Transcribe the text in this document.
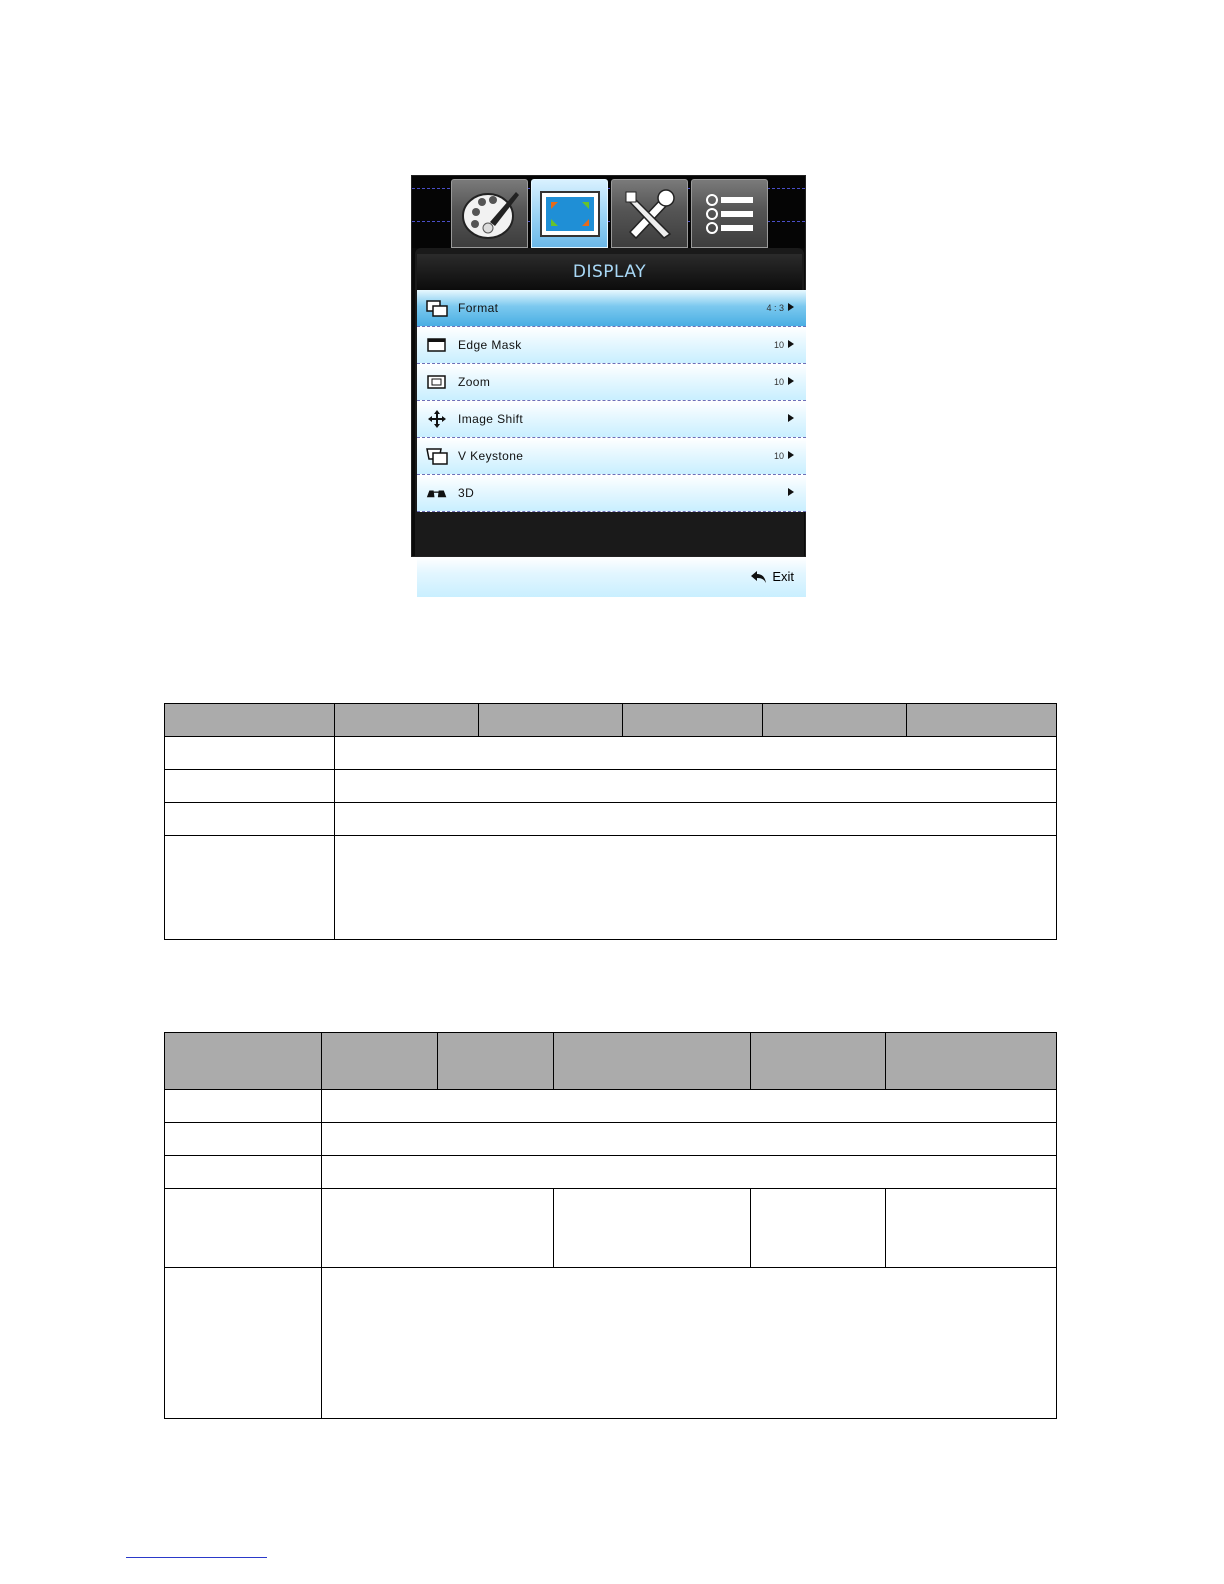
DISPLAY
Format	4 : 3
Edge Mask	10
Zoom	10
Image Shift
V Keystone	10
3D
Exit
